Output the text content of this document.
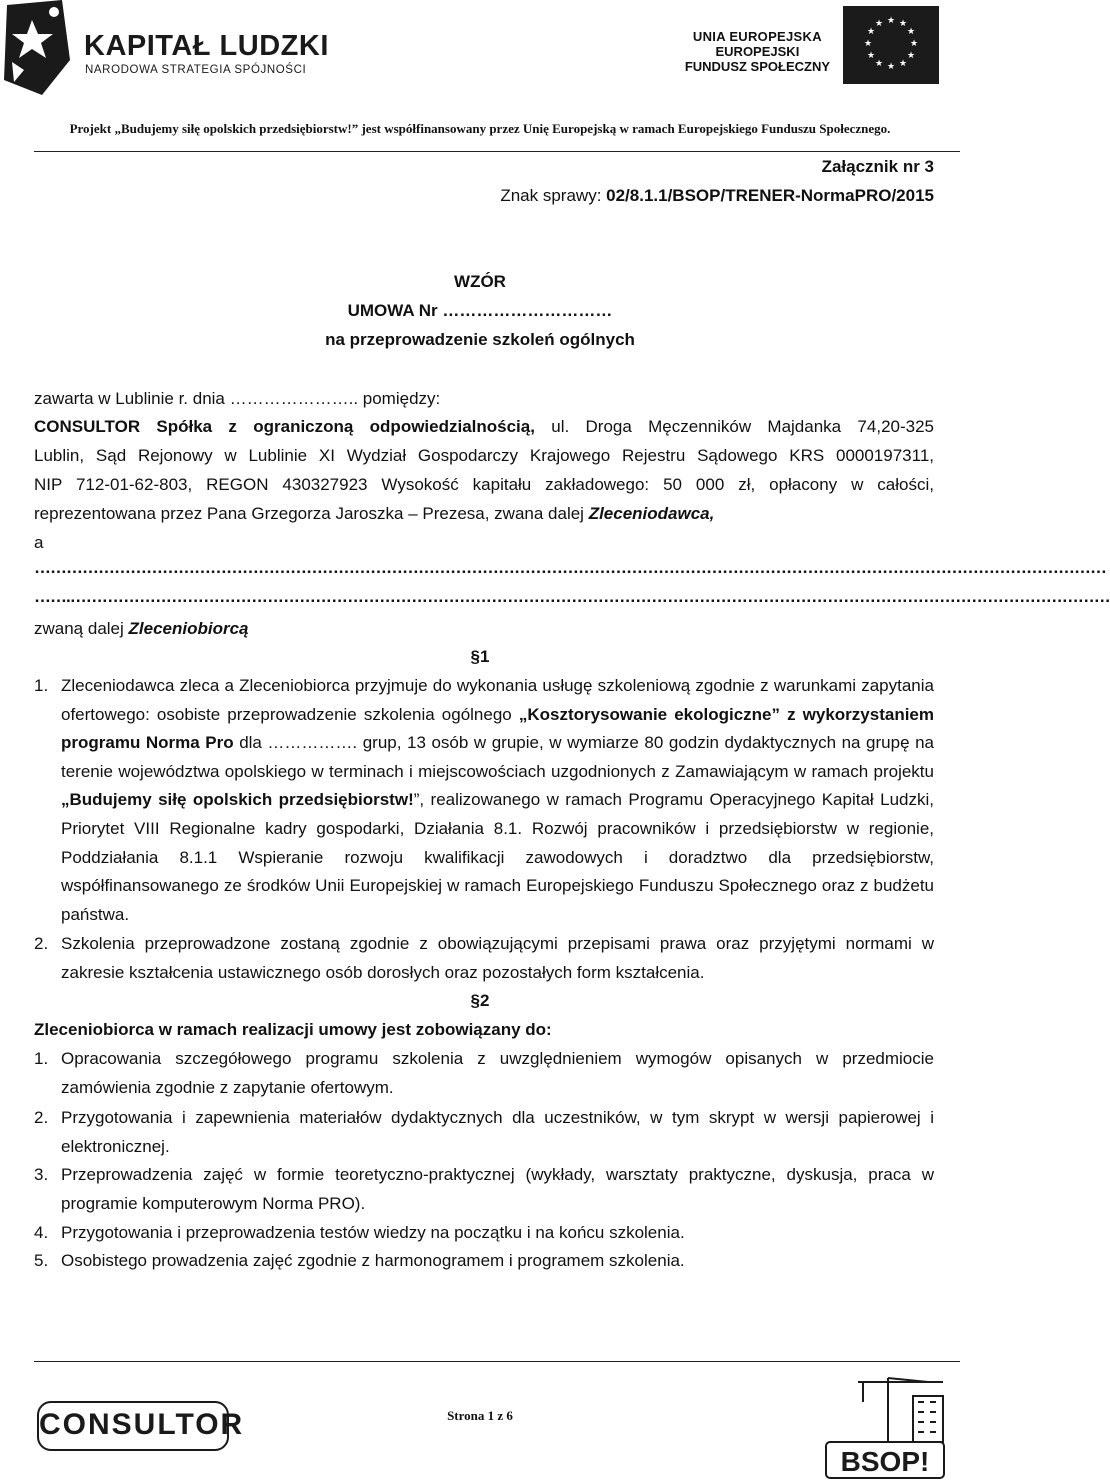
KAPITAŁ LUDZKI
NARODOWA STRATEGIA SPÓJNOŚCI
UNIA EUROPEJSKA
EUROPEJSKI
FUNDUSZ SPOŁECZNY
★ ★
★
★
★
★
★
★
★
★
★
★
Projekt „Budujemy siłę opolskich przedsiębiorstw!” jest współfinansowany przez Unię Europejską w ramach Europejskiego Funduszu Społecznego.
Załącznik nr 3
Znak sprawy: 02/8.1.1/BSOP/TRENER-NormaPRO/2015
WZÓR
UMOWA Nr …………………………
na przeprowadzenie szkoleń ogólnych
zawarta w Lublinie r. dnia ………………….. pomiędzy:
CONSULTOR Spółka z ograniczoną odpowiedzialnością, ul. Droga Męczenników Majdanka 74,20-325
Lublin, Sąd Rejonowy w Lublinie XI Wydział Gospodarczy Krajowego Rejestru Sądowego KRS 0000197311,
NIP 712-01-62-803, REGON 430327923 Wysokość kapitału zakładowego: 50 000 zł, opłacony w całości,
reprezentowana przez Pana Grzegorza Jaroszka – Prezesa, zwana dalej Zleceniodawca,
a
…………………………………………………………………………………………………………………………………………………………………………………
…….……………………………………………………………………………………………………………………………………………………………………………
zwaną dalej Zleceniobiorcą
§1
1. Zleceniodawca zleca a Zleceniobiorca przyjmuje do wykonania usługę szkoleniową zgodnie z warunkami zapytania ofertowego: osobiste przeprowadzenie szkolenia ogólnego „Kosztorysowanie ekologiczne” z wykorzystaniem programu Norma Pro dla ……………. grup, 13 osób w grupie, w wymiarze 80 godzin dydaktycznych na grupę na terenie województwa opolskiego w terminach i miejscowościach uzgodnionych z Zamawiającym w ramach projektu „Budujemy siłę opolskich przedsiębiorstw!”, realizowanego w ramach Programu Operacyjnego Kapitał Ludzki, Priorytet VIII Regionalne kadry gospodarki, Działania 8.1. Rozwój pracowników i przedsiębiorstw w regionie, Poddziałania 8.1.1 Wspieranie rozwoju kwalifikacji zawodowych i doradztwo dla przedsiębiorstw, współfinansowanego ze środków Unii Europejskiej w ramach Europejskiego Funduszu Społecznego oraz z budżetu państwa.
2. Szkolenia przeprowadzone zostaną zgodnie z obowiązującymi przepisami prawa oraz przyjętymi normami w zakresie kształcenia ustawicznego osób dorosłych oraz pozostałych form kształcenia.
§2
Zleceniobiorca w ramach realizacji umowy jest zobowiązany do:
1. Opracowania szczegółowego programu szkolenia z uwzględnieniem wymogów opisanych w przedmiocie zamówienia zgodnie z zapytanie ofertowym.
2. Przygotowania i zapewnienia materiałów dydaktycznych dla uczestników, w tym skrypt w wersji papierowej i elektronicznej.
3. Przeprowadzenia zajęć w formie teoretyczno-praktycznej (wykłady, warsztaty praktyczne, dyskusja, praca w programie komputerowym Norma PRO).
4. Przygotowania i przeprowadzenia testów wiedzy na początku i na końcu szkolenia.
5. Osobistego prowadzenia zajęć zgodnie z harmonogramem i programem szkolenia.
CONSULTOR	Strona 1 z 6
BSOP!
